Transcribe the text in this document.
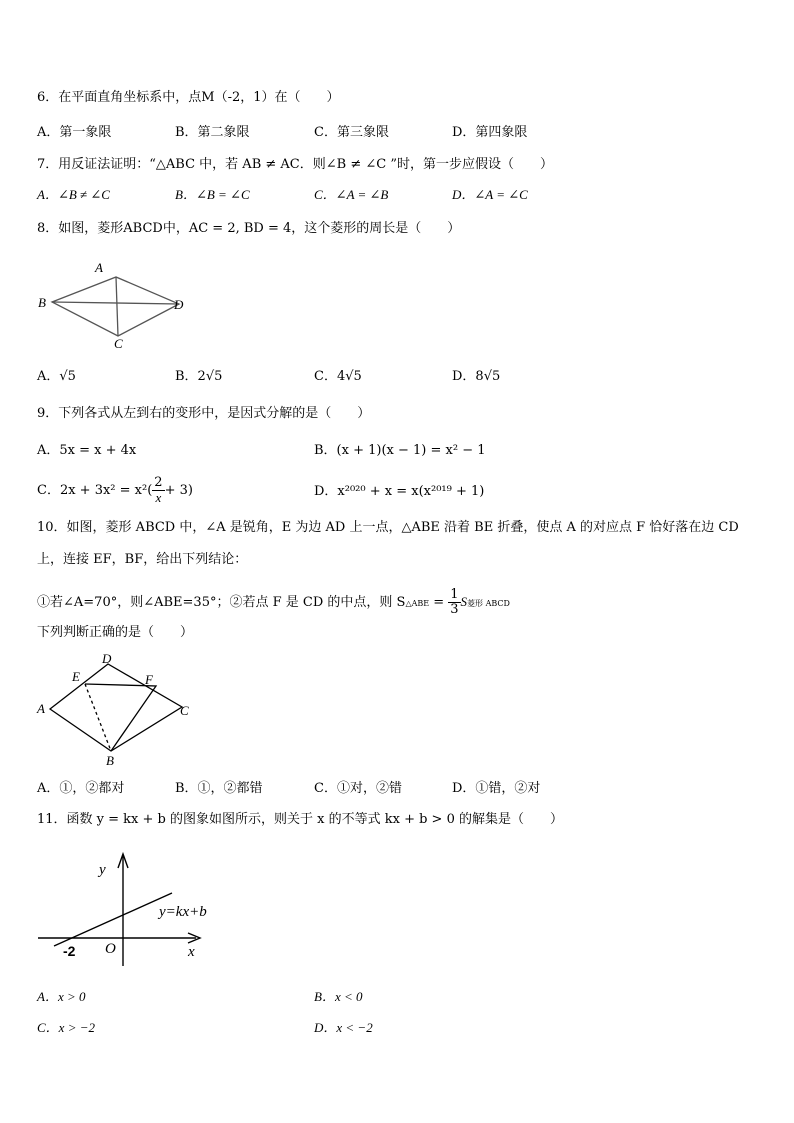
6．在平面直角坐标系中，点M（-2，1）在（　　）
A．第一象限	B．第二象限	C．第三象限	D．第四象限
7．用反证法证明：“△ABC 中，若 AB ≠ AC．则∠B ≠ ∠C ”时，第一步应假设（　　）
A．∠B ≠ ∠C	B．∠B = ∠C	C．∠A = ∠B	D．∠A = ∠C
8．如图，菱形ABCD中，AC = 2, BD = 4，这个菱形的周长是（　　）
A
B
C
D
A．√5	B．2√5	C．4√5	D．8√5
9．下列各式从左到右的变形中，是因式分解的是（　　）
A．5x = x + 4x	B．(x + 1)(x − 1) = x² − 1
C．$2x + 3x^2 = x^2( \frac{2}{x} + 3)$	D．x²⁰²⁰ + x = x(x²⁰¹⁹ + 1)
10．如图，菱形 ABCD 中，∠A 是锐角，E 为边 AD 上一点，△ABE 沿着 BE 折叠，使点 A 的对应点 F 恰好落在边 CD
上，连接 EF，BF，给出下列结论：
①若∠A=70°，则∠ABE=35°；②若点 F 是 CD 的中点，则 S△ABE = $\frac{1}{3}$ S菱形 ABCD
下列判断正确的是（　　）
D
E	F
A	C
B
A．①，②都对	B．①，②都错	C．①对，②错	D．①错，②对
11．函数 y = kx + b 的图象如图所示，则关于 x 的不等式 kx + b > 0 的解集是（　　）
y
y=kx+b
O	x
-2
A．x > 0	B．x < 0
C．x > −2	D．x < −2
